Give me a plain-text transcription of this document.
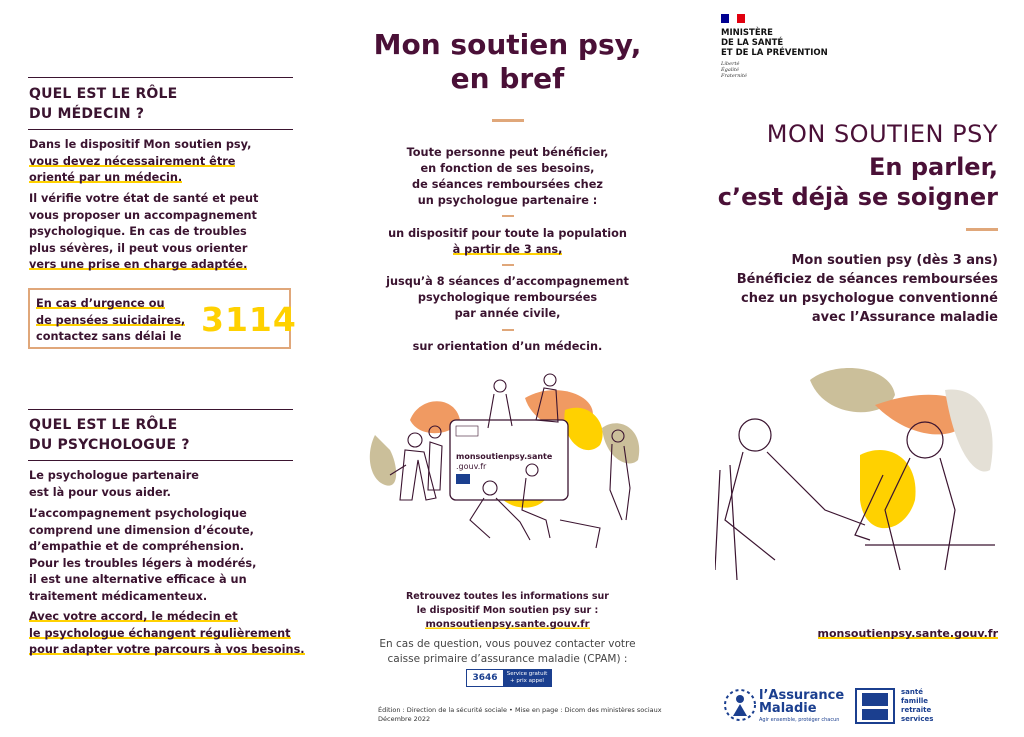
QUEL EST LE RÔLE
DU MÉDECIN ?
Dans le dispositif Mon soutien psy,
vous devez nécessairement être
orienté par un médecin.
Il vérifie votre état de santé et peut
vous proposer un accompagnement
psychologique. En cas de troubles
plus sévères, il peut vous orienter
vers une prise en charge adaptée.
En cas d’urgence ou
de pensées suicidaires,
contactez sans délai le 3114
QUEL EST LE RÔLE
DU PSYCHOLOGUE ?
Le psychologue partenaire
est là pour vous aider.
L’accompagnement psychologique
comprend une dimension d’écoute,
d’empathie et de compréhension.
Pour les troubles légers à modérés,
il est une alternative efficace à un
traitement médicamenteux.
Avec votre accord, le médecin et
le psychologue échangent régulièrement
pour adapter votre parcours à vos besoins.
Mon soutien psy,
en bref
Toute personne peut bénéficier,
en fonction de ses besoins,
de séances remboursées chez
un psychologue partenaire :
un dispositif pour toute la population
à partir de 3 ans,
jusqu’à 8 séances d’accompagnement
psychologique remboursées
par année civile,
sur orientation d’un médecin.
monsoutienpsy.sante
.gouv.fr
Retrouvez toutes les informations sur
le dispositif Mon soutien psy sur :
monsoutienpsy.sante.gouv.fr
En cas de question, vous pouvez contacter votre
caisse primaire d’assurance maladie (CPAM) :
3646	Service gratuit
+ prix appel
Édition : Direction de la sécurité sociale • Mise en page : Dicom des ministères sociaux
Décembre 2022
MINISTÈRE
DE LA SANTÉ
ET DE LA PRÉVENTION
Liberté
Égalité
Fraternité
MON SOUTIEN PSY
En parler,
c’est déjà se soigner
Mon soutien psy (dès 3 ans)
Bénéficiez de séances remboursées
chez un psychologue conventionné
avec l’Assurance maladie
monsoutienpsy.sante.gouv.fr
l’Assurance
Maladie
Agir ensemble, protéger chacun
santé
famille
retraite
services
